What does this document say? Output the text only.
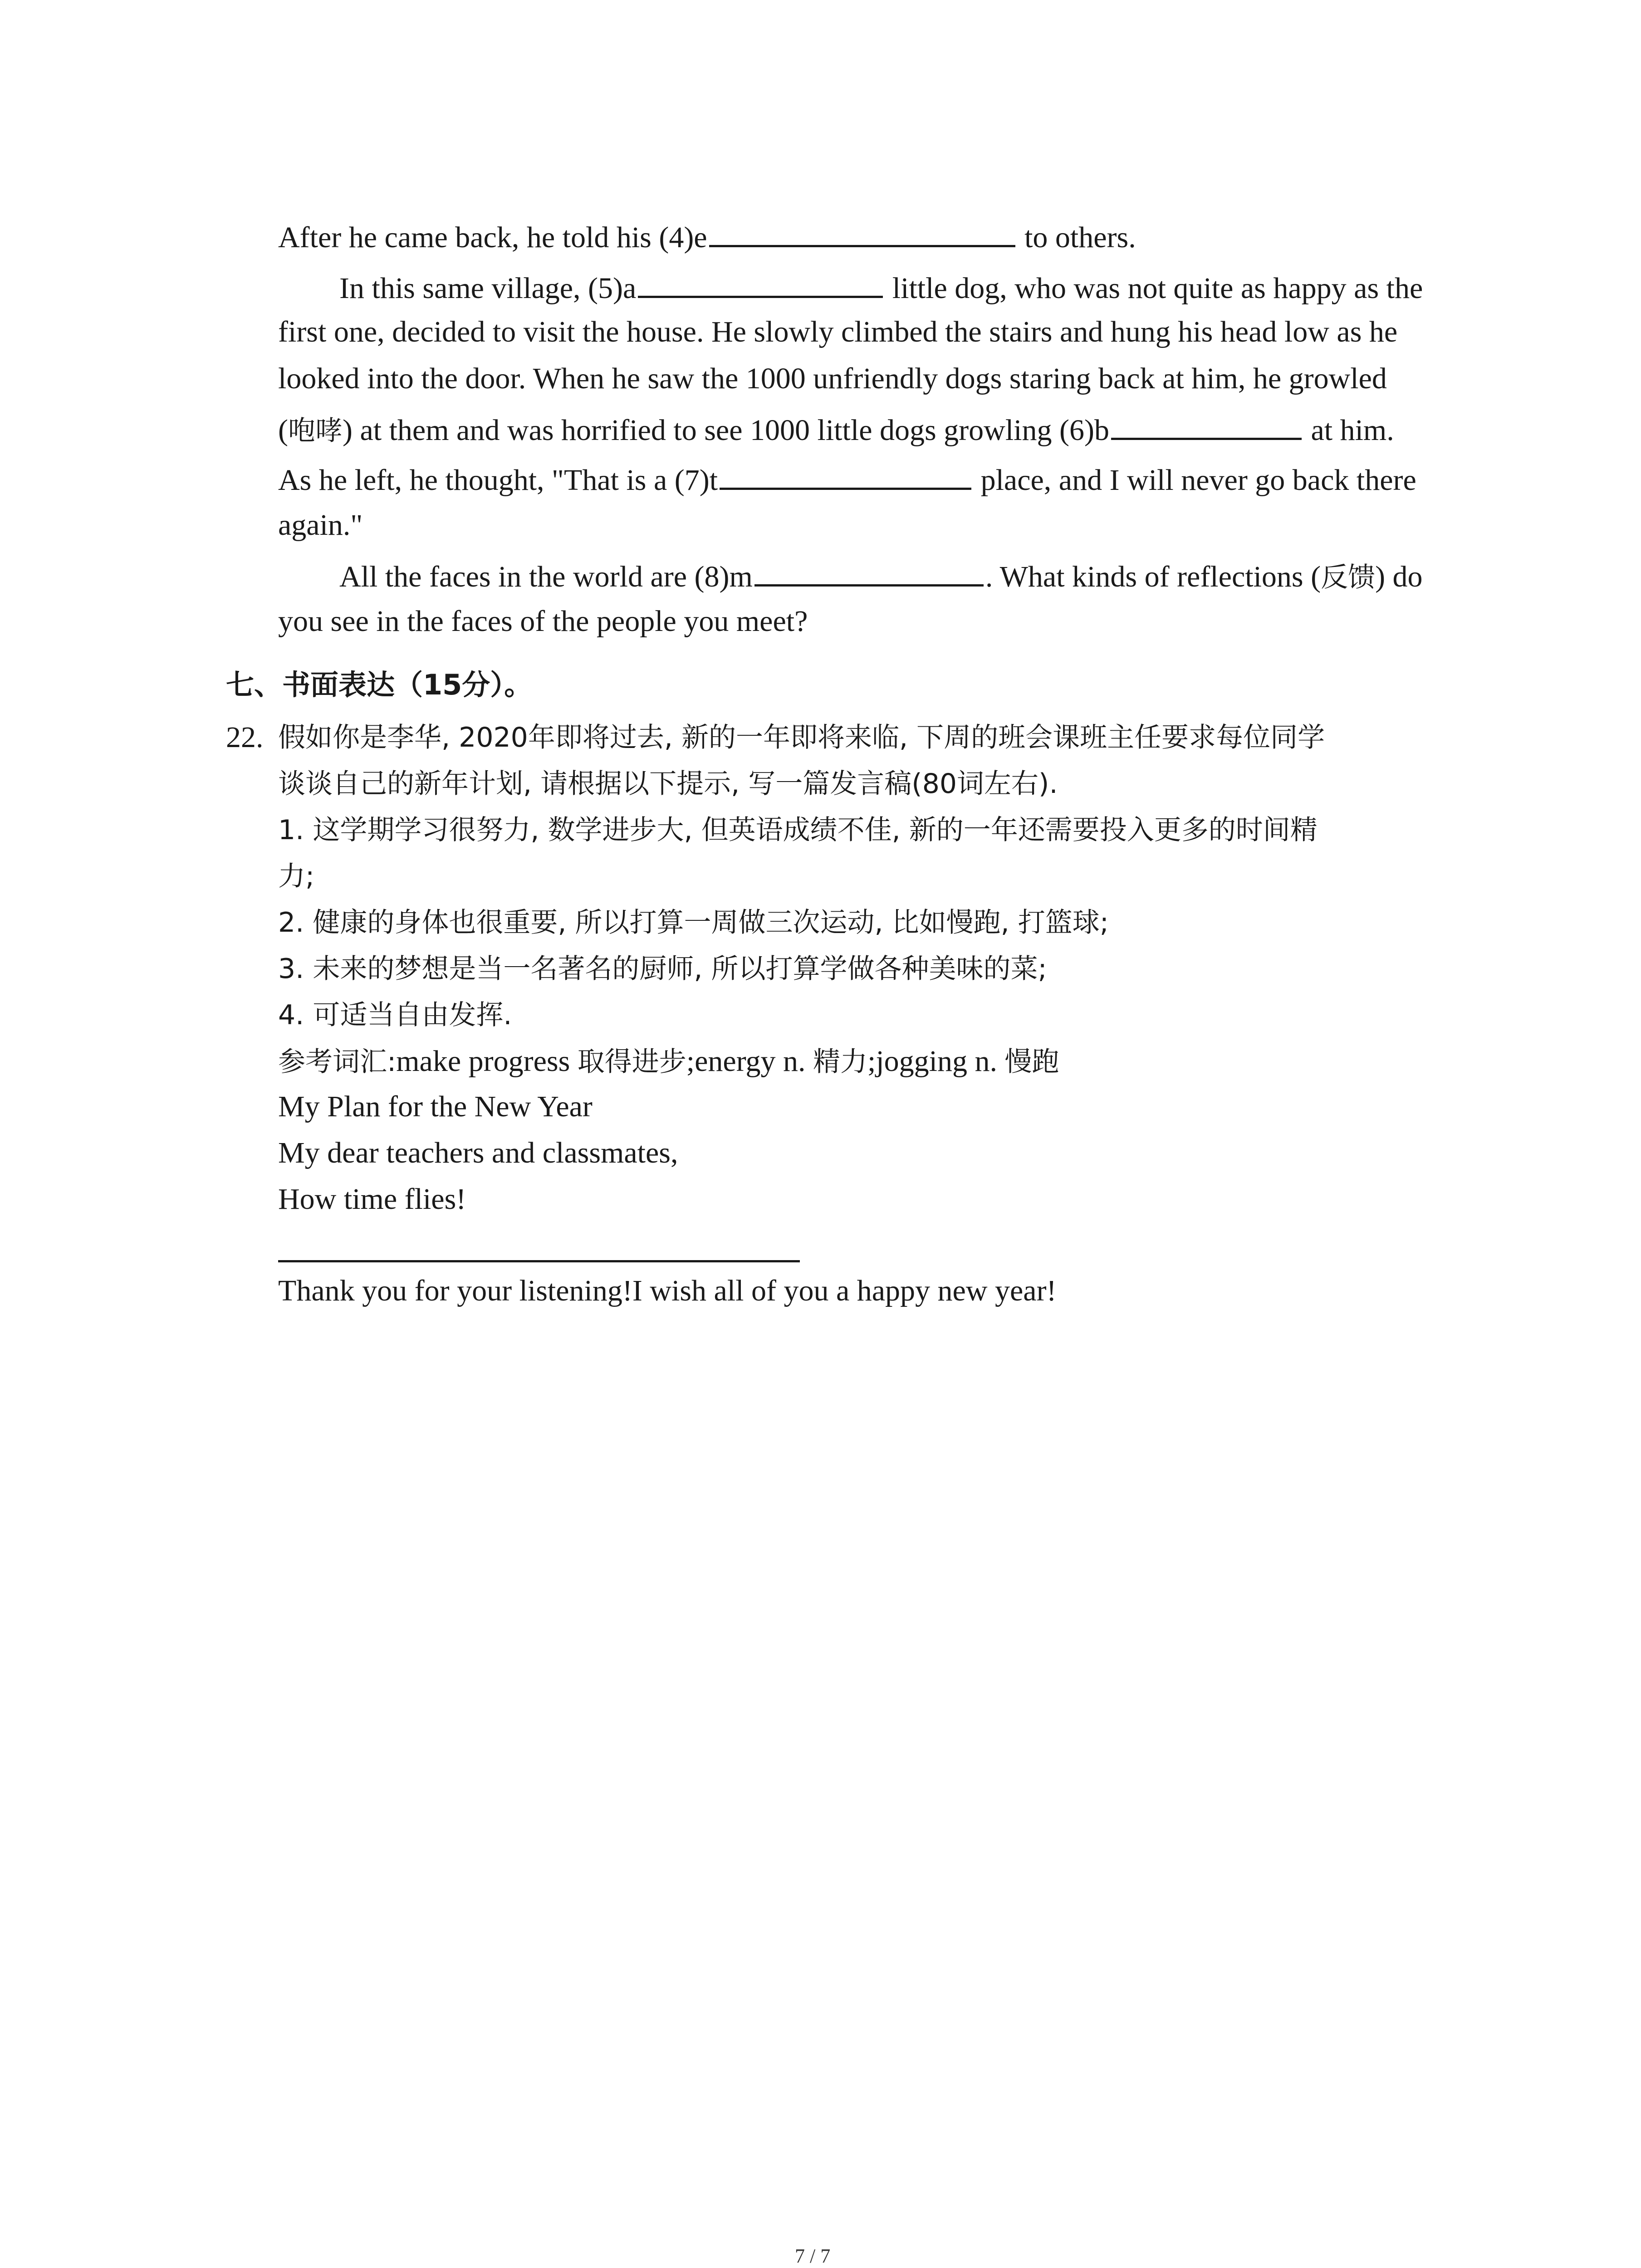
After he came back, he told his (4)e	to others.
In this same village, (5)a	little dog, who was not quite as happy as the
first one, decided to visit the house. He slowly climbed the stairs and hung his head low as he
looked into the door. When he saw the 1000 unfriendly dogs staring back at him, he growled
(咆哮) at them and was horrified to see 1000 little dogs growling (6)b	at him.
As he left, he thought, "That is a (7)t	place, and I will never go back there
again."
All the faces in the world are (8)m	. What kinds of reflections (反馈) do
you see in the faces of the people you meet?
七、书面表达（15分）。
22. 假如你是李华, 2020年即将过去, 新的一年即将来临, 下周的班会课班主任要求每位同学
谈谈自己的新年计划, 请根据以下提示, 写一篇发言稿(80词左右).
1. 这学期学习很努力, 数学进步大, 但英语成绩不佳, 新的一年还需要投入更多的时间精
力;
2. 健康的身体也很重要, 所以打算一周做三次运动, 比如慢跑, 打篮球;
3. 未来的梦想是当一名著名的厨师, 所以打算学做各种美味的菜;
4. 可适当自由发挥.
参考词汇:make progress 取得进步;energy n. 精力;jogging n. 慢跑
My Plan for the New Year
My dear teachers and classmates,
How time flies!
Thank you for your listening!I wish all of you a happy new year!
7 / 7
